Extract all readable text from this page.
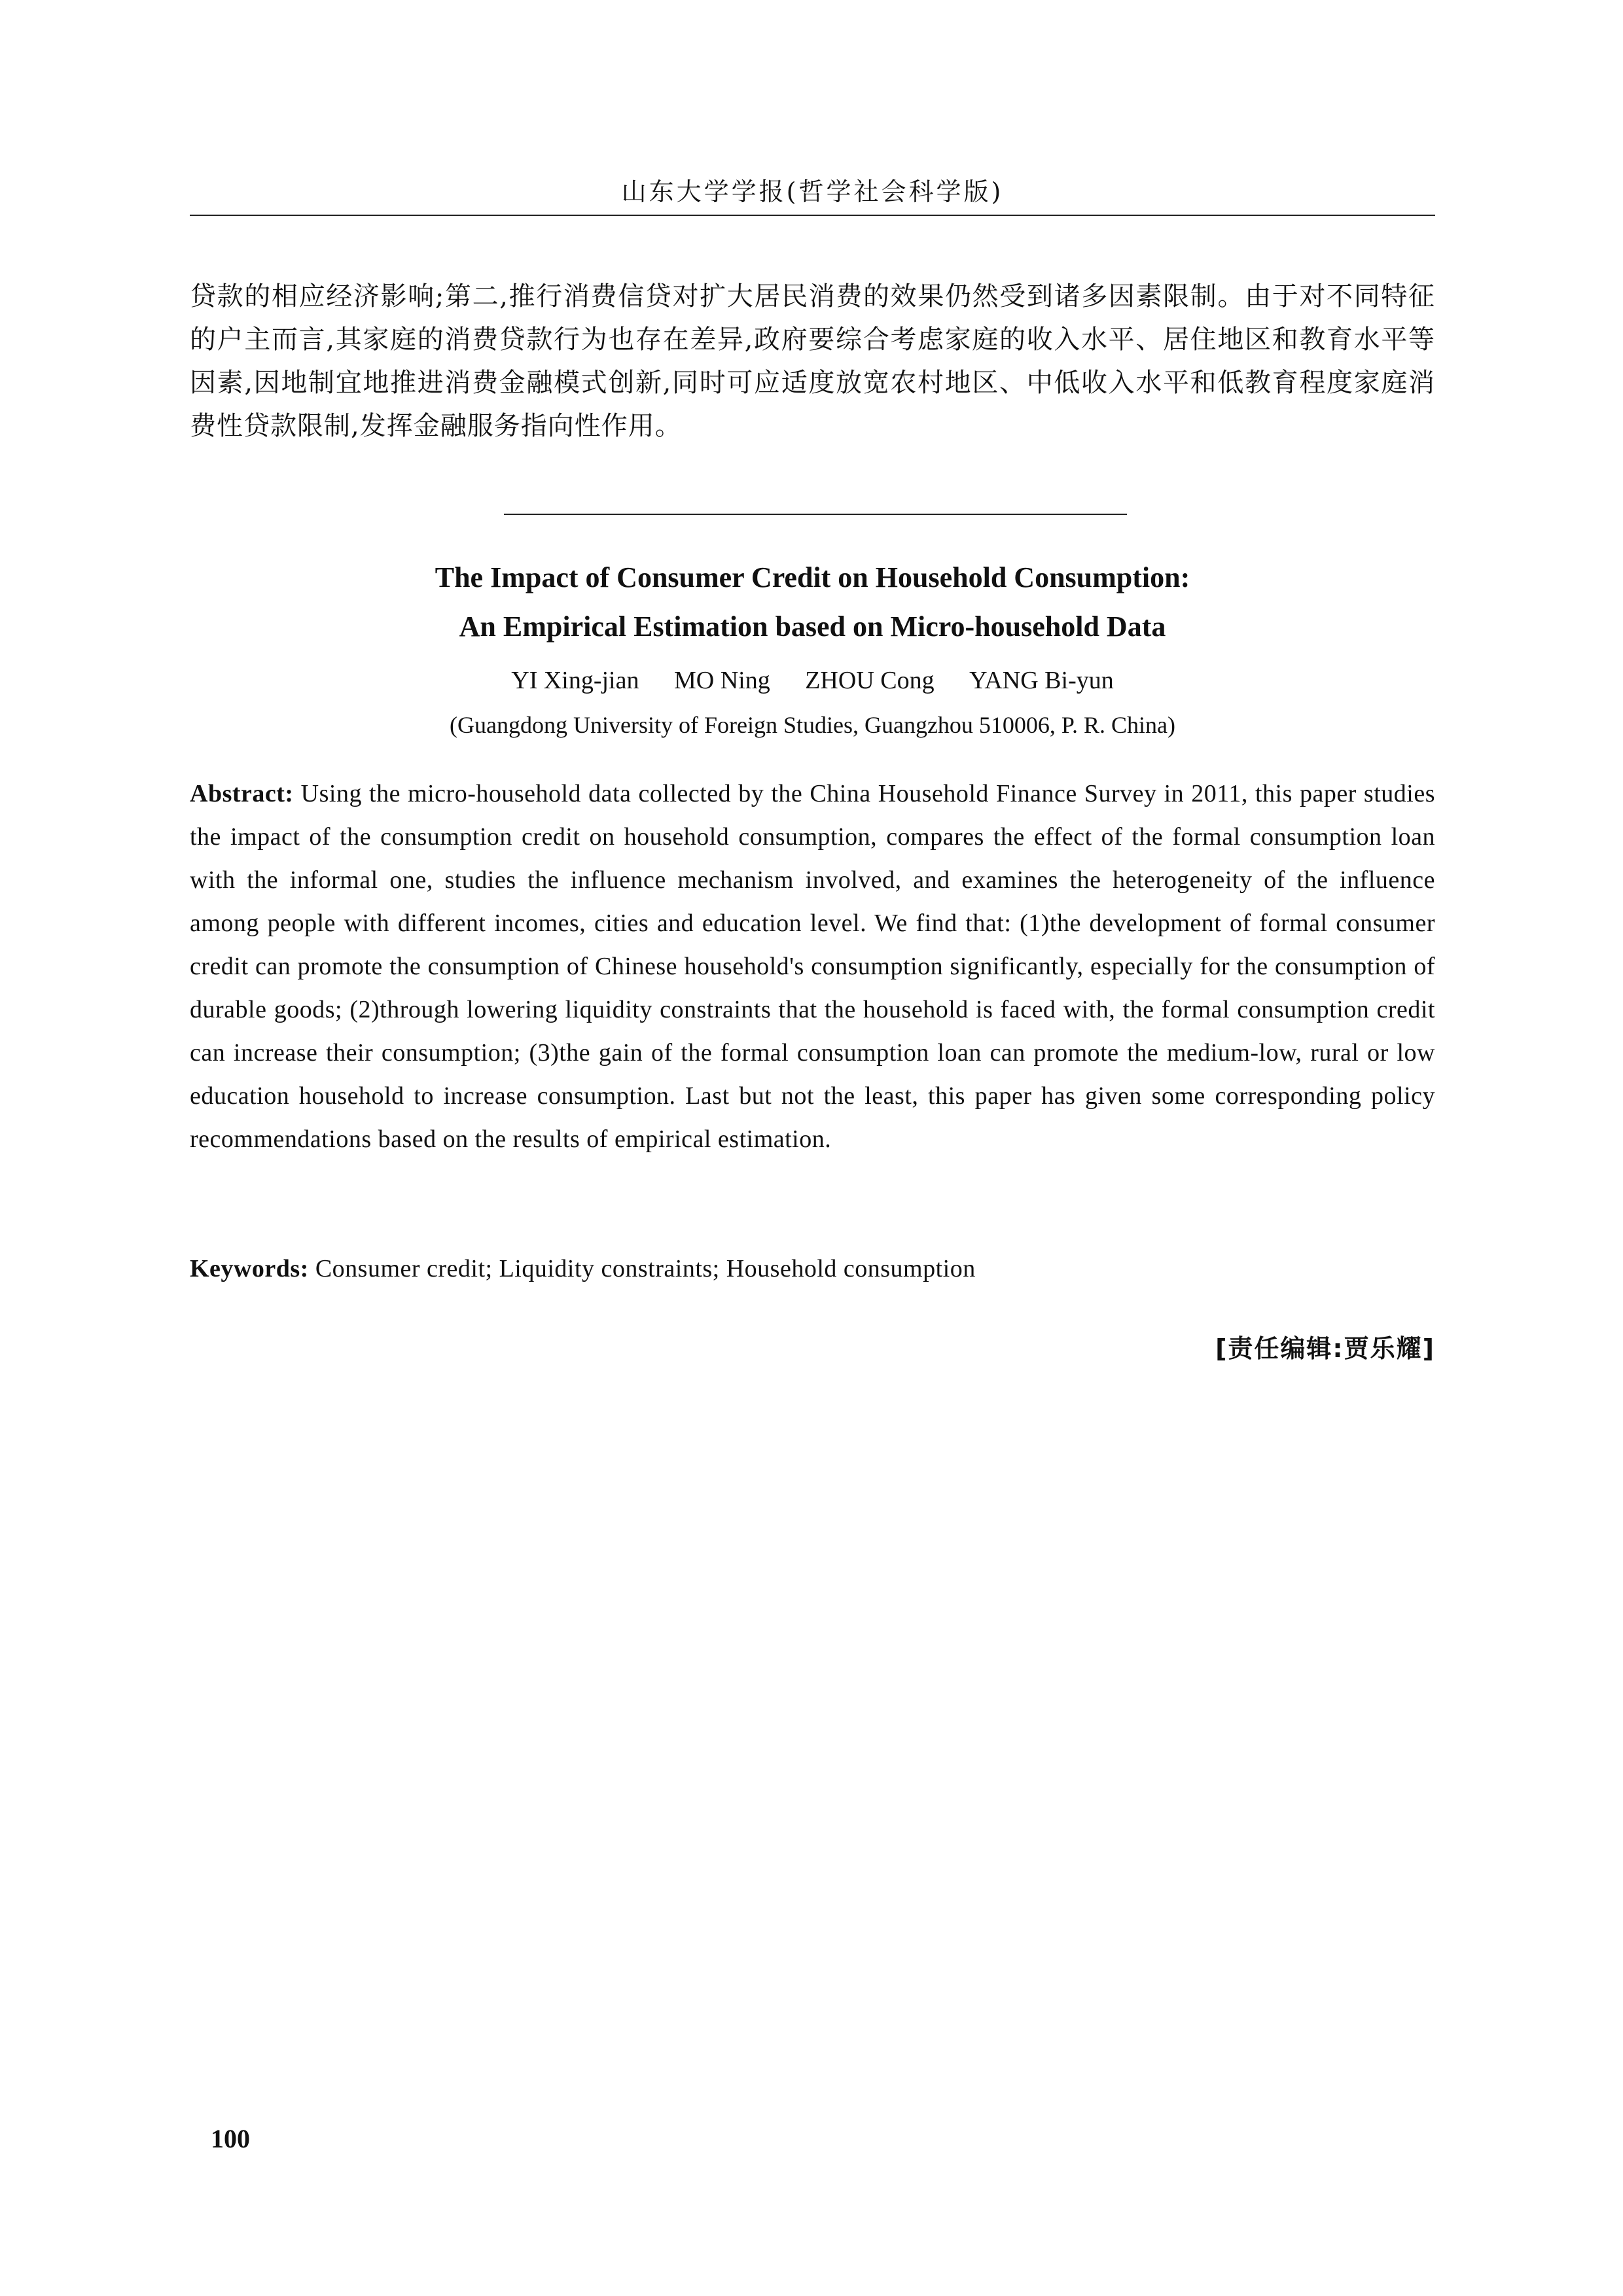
山东大学学报(哲学社会科学版)
贷款的相应经济影响;第二,推行消费信贷对扩大居民消费的效果仍然受到诸多因素限制。由于对不同特征的户主而言,其家庭的消费贷款行为也存在差异,政府要综合考虑家庭的收入水平、居住地区和教育水平等因素,因地制宜地推进消费金融模式创新,同时可应适度放宽农村地区、中低收入水平和低教育程度家庭消费性贷款限制,发挥金融服务指向性作用。
The Impact of Consumer Credit on Household Consumption:
An Empirical Estimation based on Micro-household Data
YI Xing-jian MO Ning ZHOU Cong YANG Bi-yun
(Guangdong University of Foreign Studies, Guangzhou 510006, P. R. China)
Abstract: Using the micro-household data collected by the China Household Finance Survey in 2011, this paper studies the impact of the consumption credit on household consumption, compares the effect of the formal consumption loan with the informal one, studies the influence mechanism involved, and examines the heterogeneity of the influence among people with different incomes, cities and education level. We find that: (1)the development of formal consumer credit can promote the consumption of Chinese household's consumption significantly, especially for the consumption of durable goods; (2)through lowering liquidity constraints that the household is faced with, the formal consumption credit can increase their consumption; (3)the gain of the formal consumption loan can promote the medium-low, rural or low education household to increase consumption. Last but not the least, this paper has given some corresponding policy recommendations based on the results of empirical estimation.
Keywords: Consumer credit; Liquidity constraints; Household consumption
[责任编辑:贾乐耀]
100
